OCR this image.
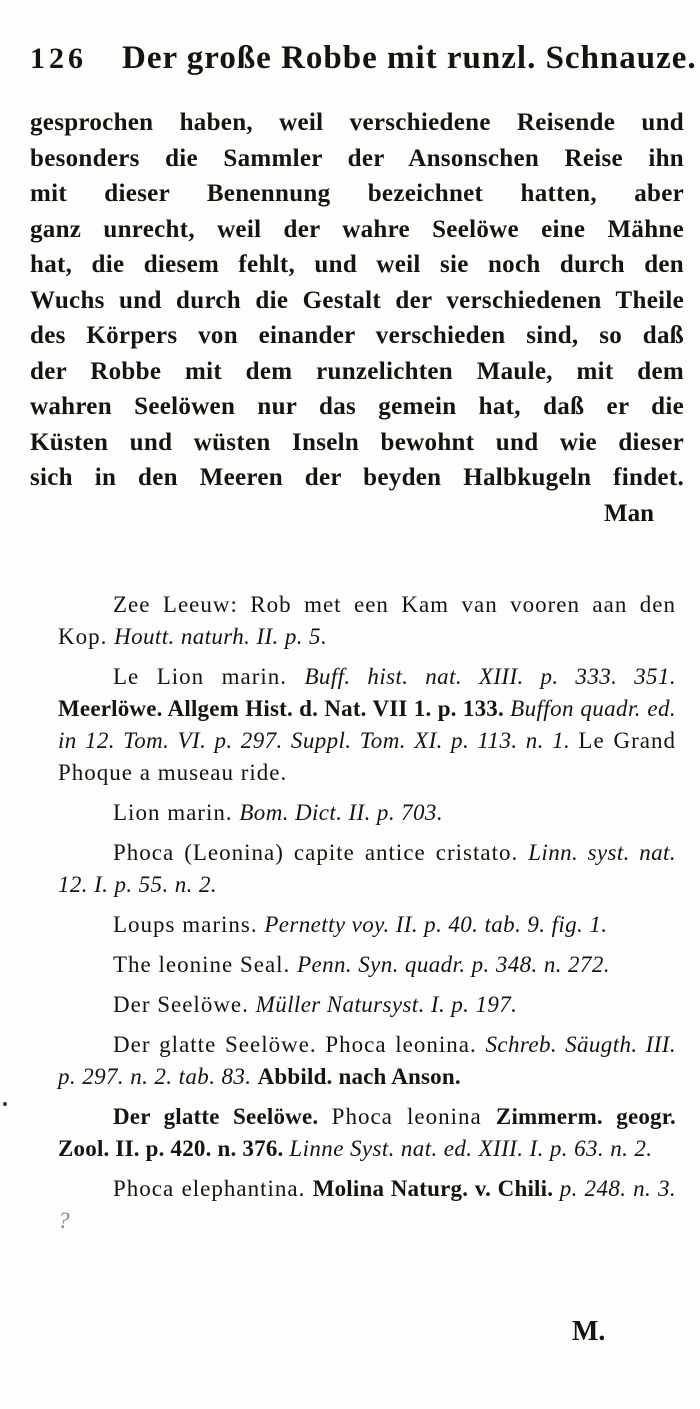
126	Der große Robbe mit runzl. Schnauze.
gesprochen haben, weil verschiedene Reisende und
besonders die Sammler der Ansonschen Reise ihn
mit dieser Benennung bezeichnet hatten, aber
ganz unrecht, weil der wahre Seelöwe eine Mähne
hat, die diesem fehlt, und weil sie noch durch den
Wuchs und durch die Gestalt der verschiedenen Theile
des Körpers von einander verschieden sind, so daß
der Robbe mit dem runzelichten Maule, mit dem
wahren Seelöwen nur das gemein hat, daß er die
Küsten und wüsten Inseln bewohnt und wie dieser
sich in den Meeren der beyden Halbkugeln findet.
Man

Zee Leeuw: Rob met een Kam van vooren aan den Kop. Houtt. naturh. II. p. 5.

Le Lion marin. Buff. hist. nat. XIII. p. 333. 351. Meerlöwe. Allgem Hist. d. Nat. VII 1. p. 133. Buffon quadr. ed. in 12. Tom. VI. p. 297. Suppl. Tom. XI. p. 113. n. 1. Le Grand Phoque a museau ride.

Lion marin. Bom. Dict. II. p. 703.

Phoca (Leonina) capite antice cristato. Linn. syst. nat. 12. I. p. 55. n. 2.

Loups marins. Pernetty voy. II. p. 40. tab. 9. fig. 1.

The leonine Seal. Penn. Syn. quadr. p. 348. n. 272.

Der Seelöwe. Müller Natursyst. I. p. 197.

Der glatte Seelöwe. Phoca leonina. Schreb. Säugth. III. p. 297. n. 2. tab. 83. Abbild. nach Anson.

Der glatte Seelöwe. Phoca leonina Zimmerm. geogr. Zool. II. p. 420. n. 376. Linne Syst. nat. ed. XIII. I. p. 63. n. 2.

Phoca elephantina. Molina Naturg. v. Chili. p. 248. n. 3. ?

M.
